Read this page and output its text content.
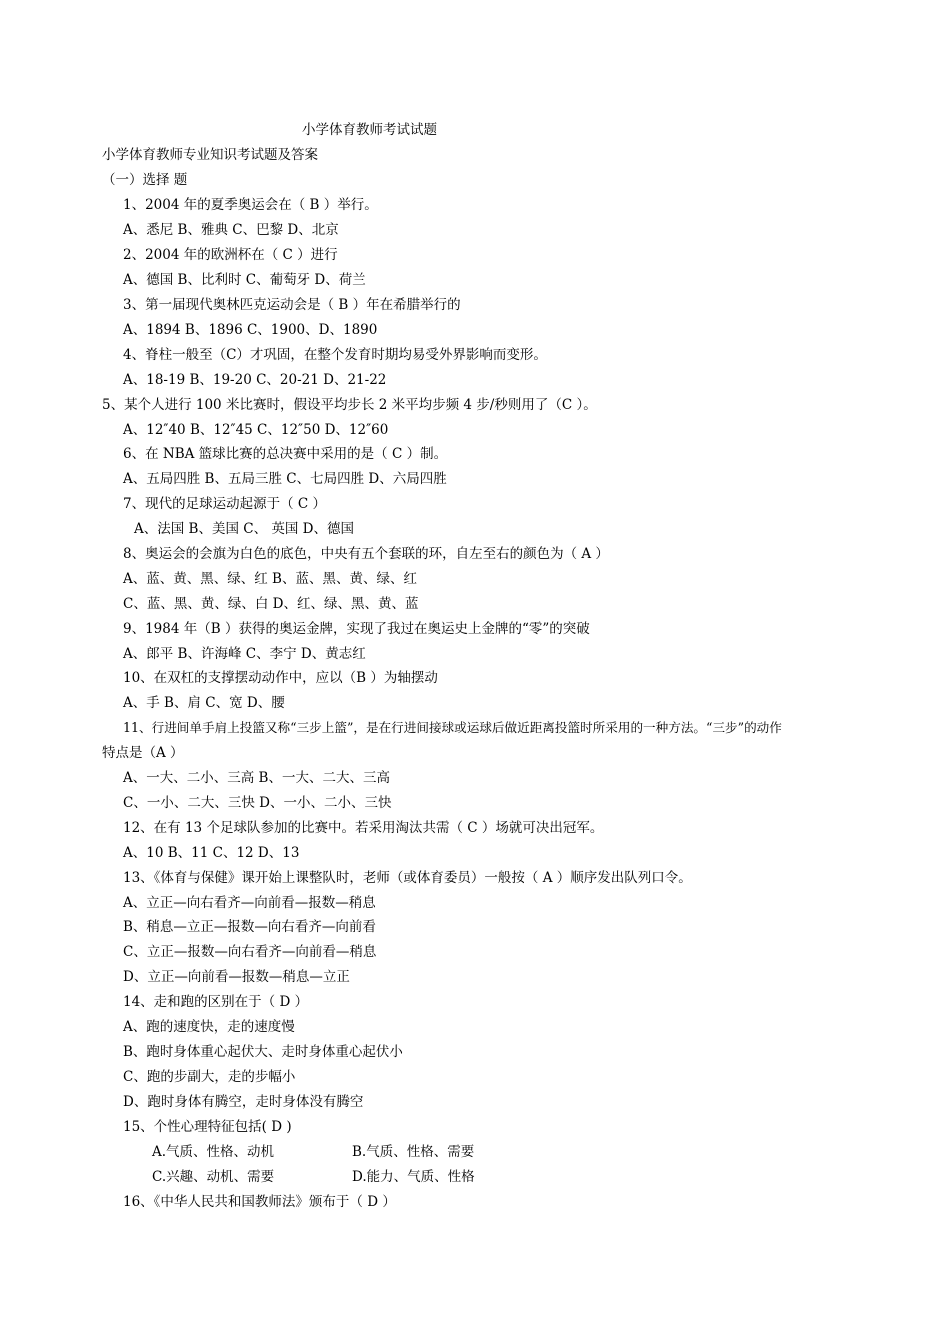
小学体育教师考试试题
小学体育教师专业知识考试题及答案
（一）选择 题
1、2004 年的夏季奥运会在（ B ）举行。
A、悉尼 B、雅典 C、巴黎 D、北京
2、2004 年的欧洲杯在（ C ）进行
A、德国 B、比利时 C、葡萄牙 D、荷兰
3、第一届现代奥林匹克运动会是（ B ）年在希腊举行的
A、1894 B、1896 C、1900、D、1890
4、脊柱一般至（C）才巩固，在整个发育时期均易受外界影响而变形。
A、18-19 B、19-20 C、20-21 D、21-22
5、某个人进行 100 米比赛时，假设平均步长 2 米平均步频 4 步/秒则用了（C ）。
A、12″40 B、12″45 C、12″50 D、12″60
6、在 NBA 篮球比赛的总决赛中采用的是（ C ）制。
A、五局四胜 B、五局三胜 C、七局四胜 D、六局四胜
7、现代的足球运动起源于（ C ）
A、法国 B、美国 C、 英国 D、德国
8、奥运会的会旗为白色的底色，中央有五个套联的环，自左至右的颜色为（ A ）
A、蓝、黄、黑、绿、红 B、蓝、黑、黄、绿、红
C、蓝、黑、黄、绿、白 D、红、绿、黑、黄、蓝
9、1984 年（B ）获得的奥运金牌，实现了我过在奥运史上金牌的“零”的突破
A、郎平 B、许海峰 C、李宁 D、黄志红
10、在双杠的支撑摆动动作中，应以（B ）为轴摆动
A、手 B、肩 C、宽 D、腰
11、行进间单手肩上投篮又称“三步上篮”，是在行进间接球或运球后做近距离投篮时所采用的一种方法。“三步”的动作
特点是（A ）
A、一大、二小、三高 B、一大、二大、三高
C、一小、二大、三快 D、一小、二小、三快
12、在有 13 个足球队参加的比赛中。若采用淘汰共需（ C ）场就可决出冠军。
A、10 B、11 C、12 D、13
13、《体育与保健》课开始上课整队时，老师（或体育委员）一般按（ A ）顺序发出队列口令。
A、立正—向右看齐—向前看—报数—稍息
B、稍息—立正—报数—向右看齐—向前看
C、立正—报数—向右看齐—向前看—稍息
D、立正—向前看—报数—稍息—立正
14、走和跑的区别在于（ D ）
A、跑的速度快，走的速度慢
B、跑时身体重心起伏大、走时身体重心起伏小
C、跑的步副大，走的步幅小
D、跑时身体有腾空，走时身体没有腾空
15、个性心理特征包括( D )
A.气质、性格、动机	B.气质、性格、需要
C.兴趣、动机、需要	D.能力、气质、性格
16、《中华人民共和国教师法》颁布于（ D ）
